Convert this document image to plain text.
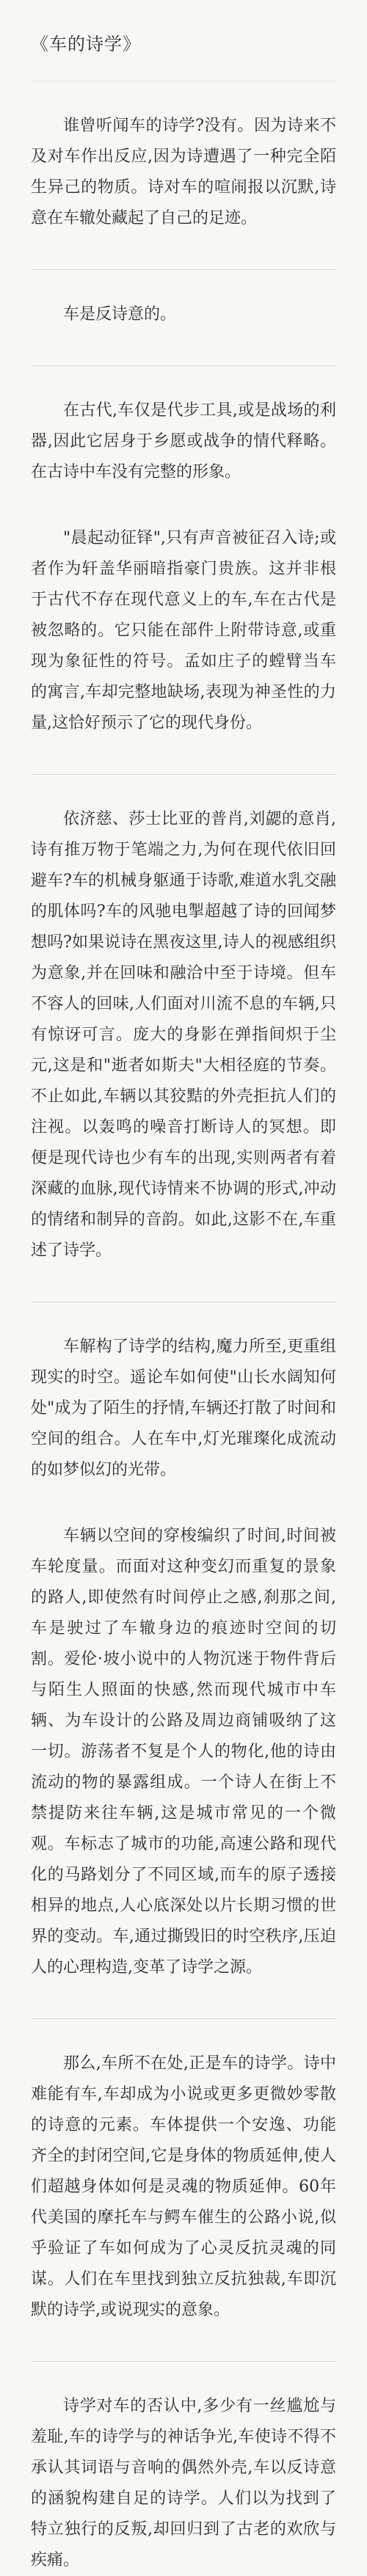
《车的诗学》

谁曾听闻车的诗学?没有。因为诗来不及对车作出反应,因为诗遭遇了一种完全陌生异己的物质。诗对车的喧闹报以沉默,诗意在车辙处藏起了自己的足迹。

车是反诗意的。

在古代,车仅是代步工具,或是战场的利器,因此它居身于乡愿或战争的情代释略。在古诗中车没有完整的形象。

"晨起动征铎",只有声音被征召入诗;或者作为轩盖华丽暗指豪门贵族。这并非根于古代不存在现代意义上的车,车在古代是被忽略的。它只能在部件上附带诗意,或重现为象征性的符号。孟如庄子的螳臂当车的寓言,车却完整地缺场,表现为神圣性的力量,这恰好预示了它的现代身份。

依济慈、莎士比亚的普肖,刘勰的意肖,诗有推万物于笔端之力,为何在现代依旧回避车?车的机械身躯通于诗歌,难道水乳交融的肌体吗?车的风驰电掣超越了诗的回闻梦想吗?如果说诗在黑夜这里,诗人的视感组织为意象,并在回味和融洽中至于诗境。但车不容人的回味,人们面对川流不息的车辆,只有惊讶可言。庞大的身影在弹指间炽于尘元,这是和"逝者如斯夫"大相径庭的节奏。不止如此,车辆以其狡黠的外壳拒抗人们的注视。以轰鸣的噪音打断诗人的冥想。即便是现代诗也少有车的出现,实则两者有着深藏的血脉,现代诗情来不协调的形式,冲动的情绪和制异的音韵。如此,这影不在,车重述了诗学。

车解构了诗学的结构,魔力所至,更重组现实的时空。遥论车如何使"山长水阔知何处"成为了陌生的抒情,车辆还打散了时间和空间的组合。人在车中,灯光璀璨化成流动的如梦似幻的光带。

车辆以空间的穿梭编织了时间,时间被车轮度量。而面对这种变幻而重复的景象的路人,即使然有时间停止之感,刹那之间,车是驶过了车辙身边的痕迹时空间的切割。爱伦·坡小说中的人物沉迷于物件背后与陌生人照面的快感,然而现代城市中车辆、为车设计的公路及周边商铺吸纳了这一切。游荡者不复是个人的物化,他的诗由流动的物的暴露组成。一个诗人在街上不禁提防来往车辆,这是城市常见的一个微观。车标志了城市的功能,高速公路和现代化的马路划分了不同区域,而车的原子透接相异的地点,人心底深处以片长期习惯的世界的变动。车,通过撕毁旧的时空秩序,压迫人的心理构造,变革了诗学之源。

那么,车所不在处,正是车的诗学。诗中难能有车,车却成为小说或更多更微妙零散的诗意的元素。车体提供一个安逸、功能齐全的封闭空间,它是身体的物质延伸,使人们超越身体如何是灵魂的物质延伸。60年代美国的摩托车与鳄车催生的公路小说,似乎验证了车如何成为了心灵反抗灵魂的同谋。人们在车里找到独立反抗独裁,车即沉默的诗学,或说现实的意象。

诗学对车的否认中,多少有一丝尴尬与羞耻,车的诗学与的神话争光,车使诗不得不承认其词语与音响的偶然外壳,车以反诗意的涵貌构建自足的诗学。人们以为找到了特立独行的反叛,却回归到了古老的欢欣与疾痛。
